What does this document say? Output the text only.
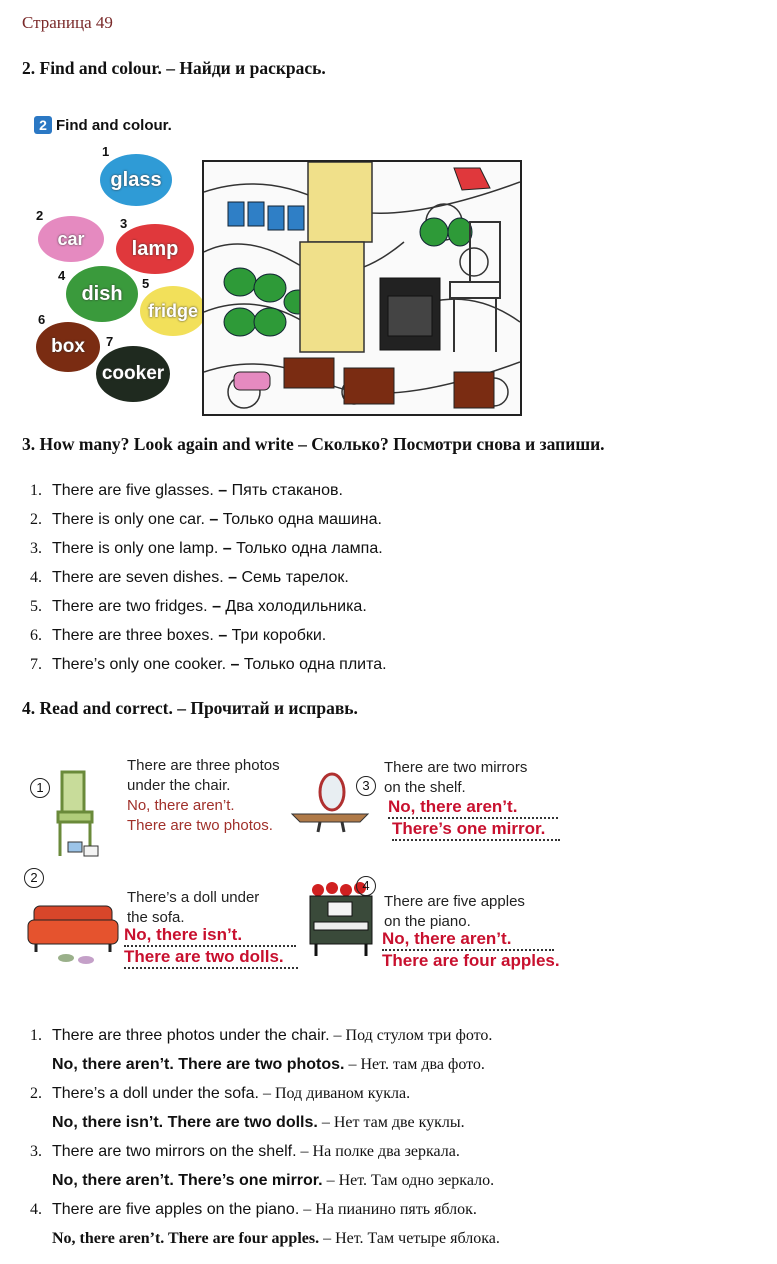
Страница 49
2. Find and colour. – Найди и раскрась.
2 Find and colour.
1
glass
2
car
3
lamp
4
dish	5
fridge
6
box	7
cooker
3. How many? Look again and write – Сколько? Посмотри снова и запиши.
1. There are five glasses. – Пять стаканов.
2. There is only one car. – Только одна машина.
3. There is only one lamp. – Только одна лампа.
4. There are seven dishes. – Семь тарелок.
5. There are two fridges. – Два холодильника.
6. There are three boxes. – Три коробки.
7. There’s only one cooker. – Только одна плита.
4. Read and correct. – Прочитай и исправь.
1
There are three photos
under the chair.
No, there aren’t.
There are two photos.
3
There are two mirrors
on the shelf.
No, there aren’t.
There’s one mirror.
2
There’s a doll under
the sofa.
No, there isn’t.
There are two dolls.
4
There are five apples
on the piano.
No, there aren’t.
There are four apples.
1. There are three photos under the chair. – Под стулом три фото.
No, there aren’t. There are two photos. – Нет. там два фото.
2. There’s a doll under the sofa. – Под диваном кукла.
No, there isn’t. There are two dolls. – Нет там две куклы.
3. There are two mirrors on the shelf. – На полке два зеркала.
No, there aren’t. There’s one mirror. – Нет. Там одно зеркало.
4. There are five apples on the piano. – На пианино пять яблок.
No, there aren’t. There are four apples. – Нет. Там четыре яблока.
